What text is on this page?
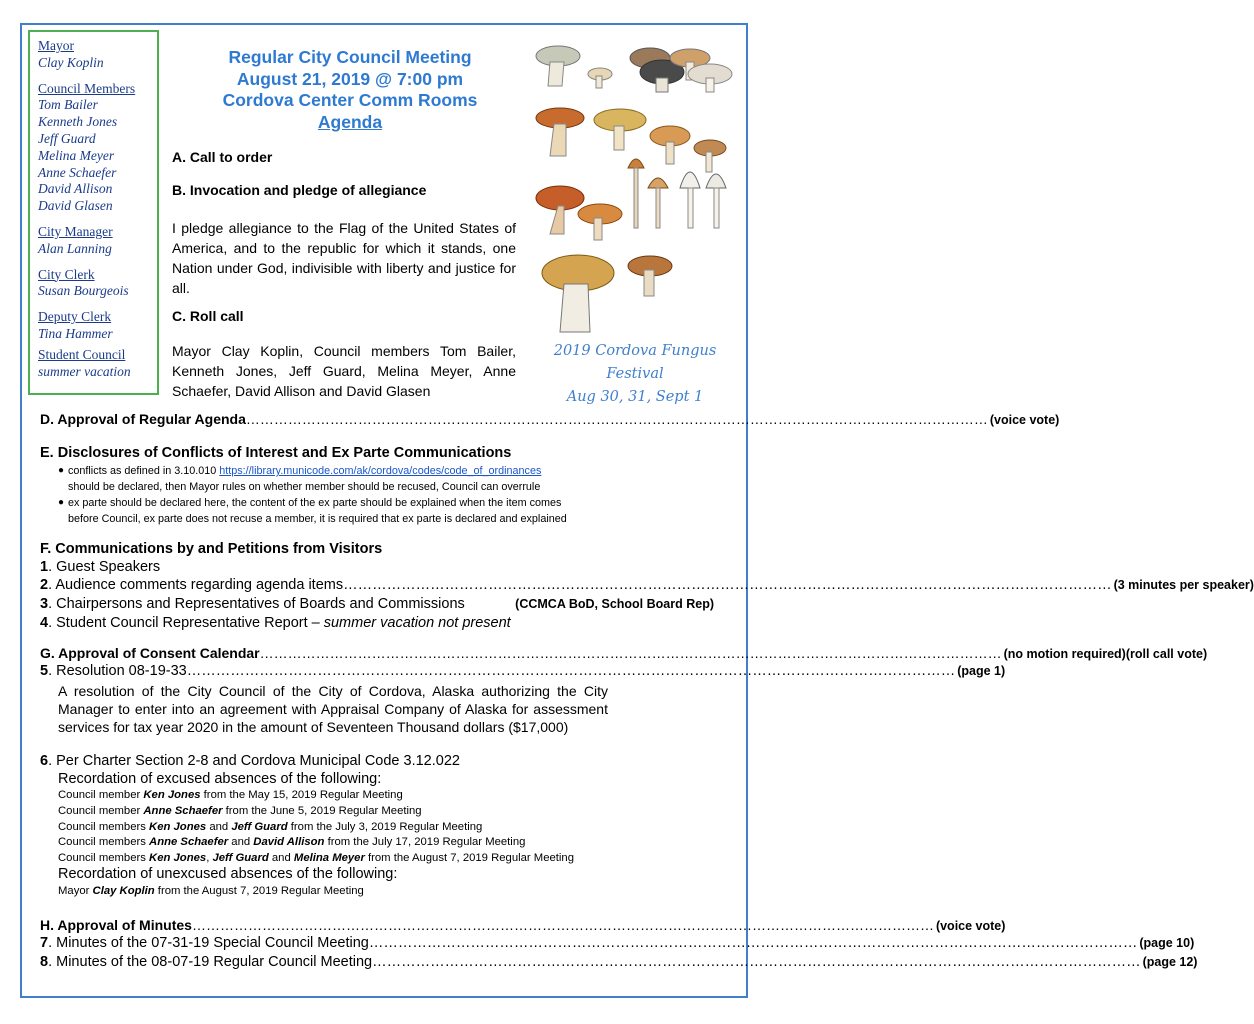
Mayor
Clay Koplin
Council Members
Tom Bailer
Kenneth Jones
Jeff Guard
Melina Meyer
Anne Schaefer
David Allison
David Glasen
City Manager
Alan Lanning
City Clerk
Susan Bourgeois
Deputy Clerk
Tina Hammer
Student Council
summer vacation
Regular City Council Meeting
August 21, 2019 @ 7:00 pm
Cordova Center Comm Rooms
Agenda
2019 Cordova Fungus Festival
Aug 30, 31, Sept 1
A. Call to order
B. Invocation and pledge of allegiance
I pledge allegiance to the Flag of the United States of America, and to the republic for which it stands, one Nation under God, indivisible with liberty and justice for all.
C. Roll call
Mayor Clay Koplin, Council members Tom Bailer, Kenneth Jones, Jeff Guard, Melina Meyer, Anne Schaefer, David Allison and David Glasen
D. Approval of Regular Agenda …………………………………………………………………………………………………………………………………………… (voice vote)
E. Disclosures of Conflicts of Interest and Ex Parte Communications
● conflicts as defined in 3.10.010 https://library.municode.com/ak/cordova/codes/code_of_ordinances
should be declared, then Mayor rules on whether member should be recused, Council can overrule
● ex parte should be declared here, the content of the ex parte should be explained when the item comes
before Council, ex parte does not recuse a member, it is required that ex parte is declared and explained
F. Communications by and Petitions from Visitors
1. Guest Speakers
2 . Audience comments regarding agenda items …………………………………………………………………………………………………………………………………………… (3 minutes per speaker)
3 . Chairpersons and Representatives of Boards and Commissions	(CCMCA BoD, School Board Rep)
4. Student Council Representative Report – summer vacation not present
G. Approval of Consent Calendar …………………………………………………………………………………………………………………………………………… (no motion required)(roll call vote)
5 . Resolution 08-19-33 …………………………………………………………………………………………………………………………………………… (page 1)
A resolution of the City Council of the City of Cordova, Alaska authorizing the City Manager to enter into an agreement with Appraisal Company of Alaska for assessment services for tax year 2020 in the amount of Seventeen Thousand dollars ($17,000)
6. Per Charter Section 2-8 and Cordova Municipal Code 3.12.022
Recordation of excused absences of the following:
Council member Ken Jones from the May 15, 2019 Regular Meeting
Council member Anne Schaefer from the June 5, 2019 Regular Meeting
Council members Ken Jones and Jeff Guard from the July 3, 2019 Regular Meeting
Council members Anne Schaefer and David Allison from the July 17, 2019 Regular Meeting
Council members Ken Jones, Jeff Guard and Melina Meyer from the August 7, 2019 Regular Meeting
Recordation of unexcused absences of the following:
Mayor Clay Koplin from the August 7, 2019 Regular Meeting
H. Approval of Minutes …………………………………………………………………………………………………………………………………………… (voice vote)
7 . Minutes of the 07-31-19 Special Council Meeting …………………………………………………………………………………………………………………………………………… (page 10)
8 . Minutes of the 08-07-19 Regular Council Meeting …………………………………………………………………………………………………………………………………………… (page 12)
